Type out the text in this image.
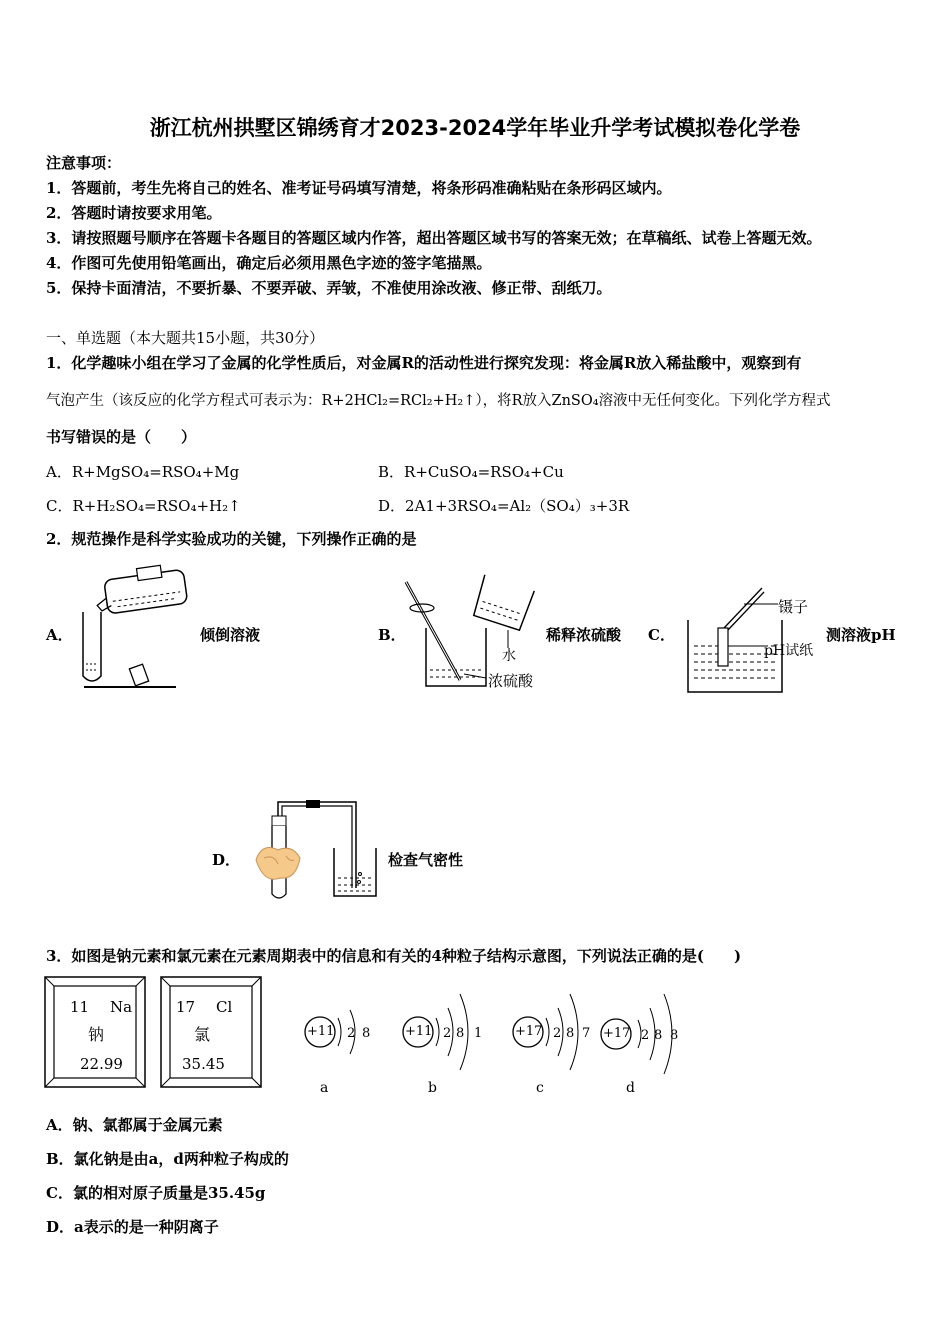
浙江杭州拱墅区锦绣育才2023-2024学年毕业升学考试模拟卷化学卷
注意事项：
1．答题前，考生先将自己的姓名、准考证号码填写清楚，将条形码准确粘贴在条形码区域内。
2．答题时请按要求用笔。
3．请按照题号顺序在答题卡各题目的答题区域内作答，超出答题区域书写的答案无效；在草稿纸、试卷上答题无效。
4．作图可先使用铅笔画出，确定后必须用黑色字迹的签字笔描黑。
5．保持卡面清洁，不要折暴、不要弄破、弄皱，不准使用涂改液、修正带、刮纸刀。
一、单选题（本大题共15小题，共30分）
1．化学趣味小组在学习了金属的化学性质后，对金属R的活动性进行探究发现：将金属R放入稀盐酸中，观察到有
气泡产生（该反应的化学方程式可表示为：R+2HCl₂=RCl₂+H₂↑），将R放入ZnSO₄溶液中无任何变化。下列化学方程式
书写错误的是（　　）
A．R+MgSO₄=RSO₄+Mg	B．R+CuSO₄=RSO₄+Cu
C．R+H₂SO₄=RSO₄+H₂↑	D．2A1+3RSO₄=Al₂（SO₄）₃+3R
2．规范操作是科学实验成功的关键，下列操作正确的是
A．	倾倒溶液	B．
水
浓硫酸
稀释浓硫酸 C．
镊子
pH试纸
测溶液pH
D．	检查气密性
3．如图是钠元素和氯元素在元素周期表中的信息和有关的4种粒子结构示意图，下列说法正确的是(　　)
11 Na
钠
22.99
17 Cl
氯
35.45
+11 2 8
a
+11 2 8 1
b
+17 2 8 7
c
+17 2 8 8
d
A．钠、氯都属于金属元素
B．氯化钠是由a，d两种粒子构成的
C．氯的相对原子质量是35.45g
D．a表示的是一种阴离子
